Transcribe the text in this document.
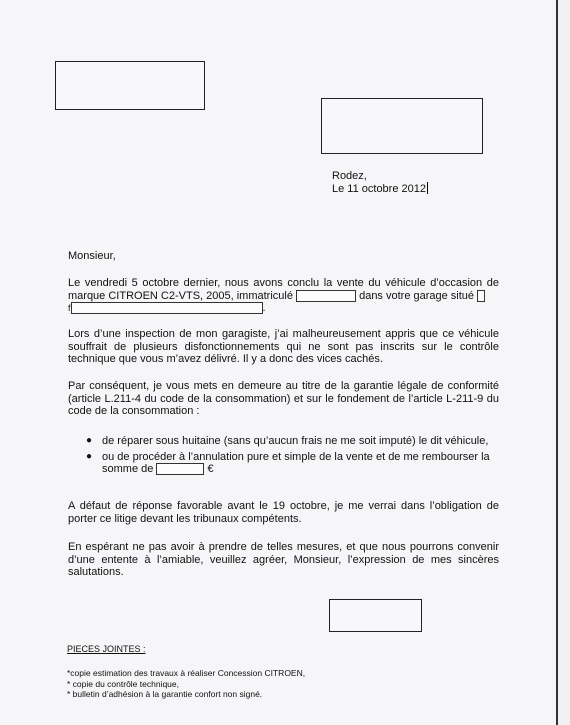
Rodez,
Le 11 octobre 2012
Monsieur,
Le vendredi 5 octobre dernier, nous avons conclu la vente du véhicule d’occasion de marque CITROEN C2-VTS, 2005, immatriculé	dans votre garage situé
f	.
Lors d’une inspection de mon garagiste, j’ai malheureusement appris que ce véhicule souffrait de plusieurs disfonctionnements qui ne sont pas inscrits sur le contrôle technique que vous m’avez délivré. Il y a donc des vices cachés.
Par conséquent, je vous mets en demeure au titre de la garantie légale de conformité (article L.211-4 du code de la consommation) et sur le fondement de l’article L-211-9 du code de la consommation :
● de réparer sous huitaine (sans qu’aucun frais ne me soit imputé) le dit véhicule,
● ou de procéder à l’annulation pure et simple de la vente et de me rembourser la somme de	€
A défaut de réponse favorable avant le 19 octobre, je me verrai dans l’obligation de porter ce litige devant les tribunaux compétents.
En espérant ne pas avoir à prendre de telles mesures, et que nous pourrons convenir d’une entente à l’amiable, veuillez agréer, Monsieur, l’expression de mes sincères salutations.
PIECES JOINTES :
*copie estimation des travaux à réaliser Concession CITROEN,
* copie du contrôle technique,
* bulletin d’adhésion à la garantie confort non signé.
